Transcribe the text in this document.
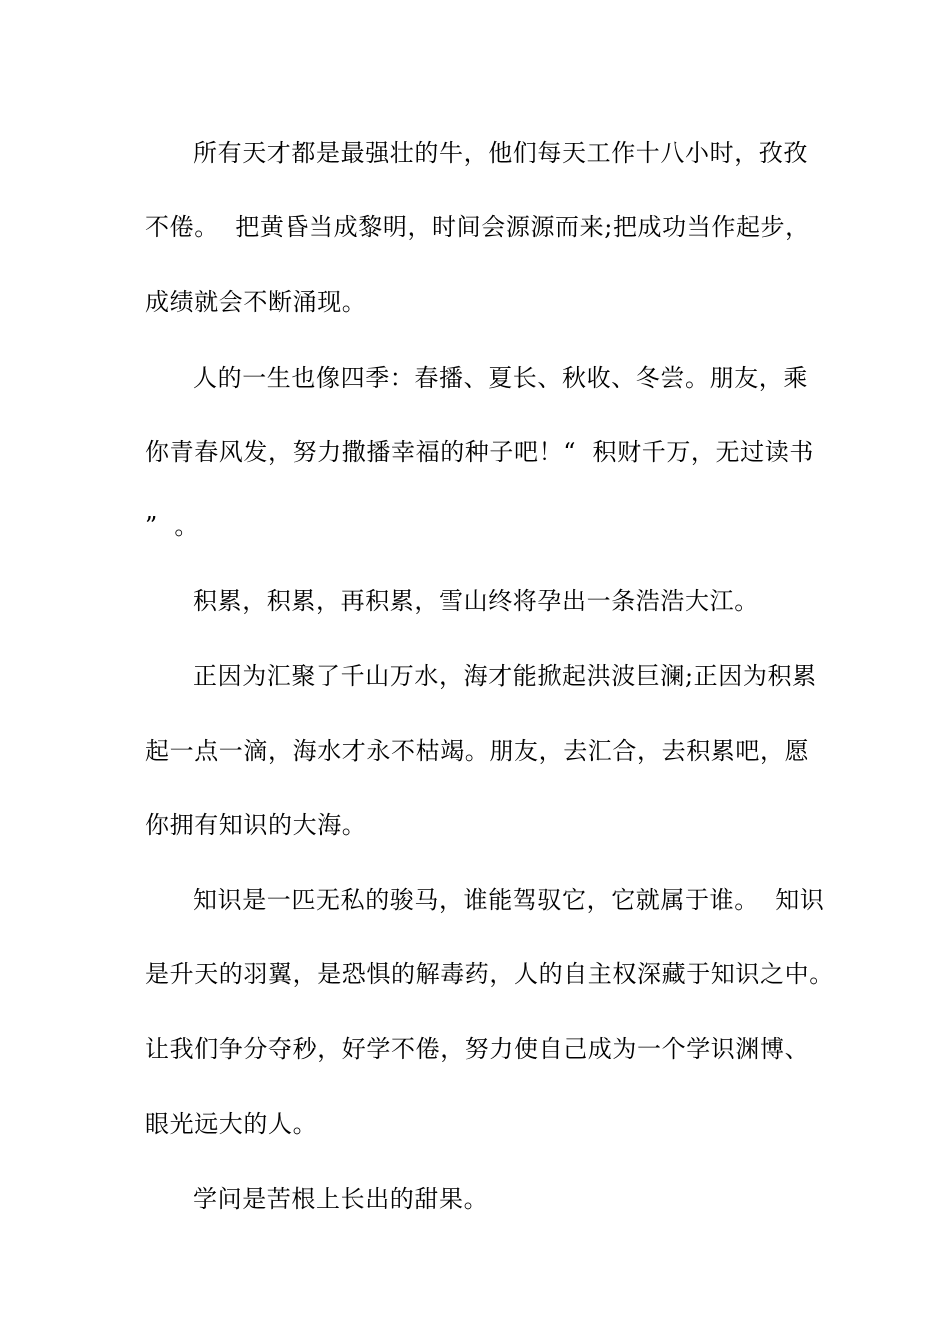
所有天才都是最强壮的牛，他们每天工作十八小时，孜孜
不倦。  把黄昏当成黎明，时间会源源而来;把成功当作起步，
成绩就会不断涌现。
人的一生也像四季：春播、夏长、秋收、冬尝。朋友，乘
你青春风发，努力撒播幸福的种子吧！“  积财千万，无过读书
”  。
积累，积累，再积累，雪山终将孕出一条浩浩大江。
正因为汇聚了千山万水，海才能掀起洪波巨澜;正因为积累
起一点一滴，海水才永不枯竭。朋友，去汇合，去积累吧，愿
你拥有知识的大海。
知识是一匹无私的骏马，谁能驾驭它，它就属于谁。  知识
是升天的羽翼，是恐惧的解毒药，人的自主权深藏于知识之中。
让我们争分夺秒，好学不倦，努力使自己成为一个学识渊博、
眼光远大的人。
学问是苦根上长出的甜果。
